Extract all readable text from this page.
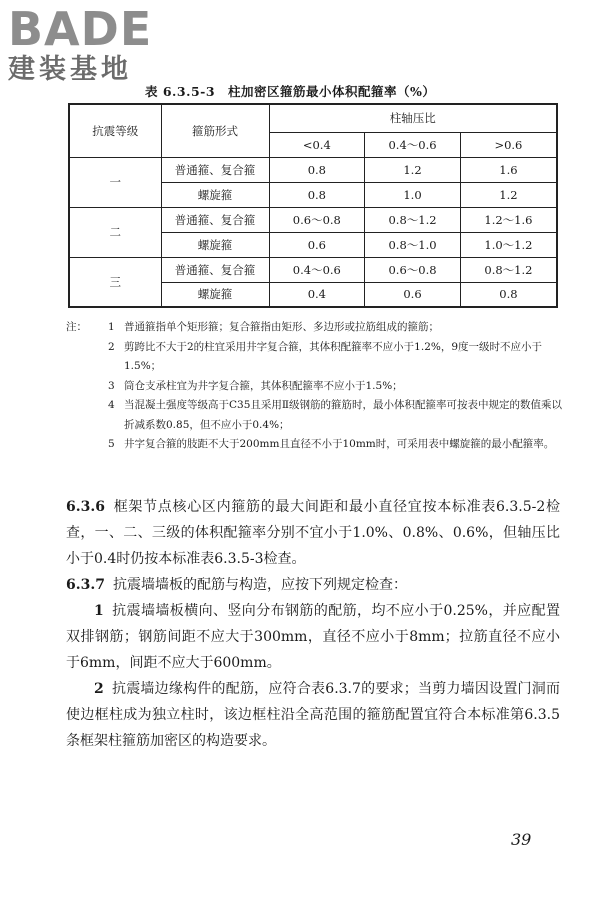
BADE
建装基地
表 6.3.5-3　柱加密区箍筋最小体积配箍率（%）
抗震等级	箍筋形式	柱轴压比		
		<0.4	0.4～0.6	>0.6
一	普通箍、复合箍	0.8	1.2	1.6
	螺旋箍	0.8	1.0	1.2
二	普通箍、复合箍	0.6～0.8	0.8～1.2	1.2～1.6
	螺旋箍	0.6	0.8～1.0	1.0～1.2
三	普通箍、复合箍	0.4～0.6	0.6～0.8	0.8～1.2
	螺旋箍	0.4	0.6	0.8
注：	1 普通箍指单个矩形箍；复合箍指由矩形、多边形或拉筋组成的箍筋；
2 剪跨比不大于2的柱宜采用井字复合箍，其体积配箍率不应小于1.2%，9度一级时不应小于1.5%；
3 筒仓支承柱宜为井字复合箍，其体积配箍率不应小于1.5%；
4 当混凝土强度等级高于C35且采用Ⅱ级钢筋的箍筋时，最小体积配箍率可按表中规定的数值乘以折减系数0.85，但不应小于0.4%；
5 井字复合箍的肢距不大于200mm且直径不小于10mm时，可采用表中螺旋箍的最小配箍率。

6.3.6 框架节点核心区内箍筋的最大间距和最小直径宜按本标准表6.3.5-2检查，一、二、三级的体积配箍率分别不宜小于1.0%、0.8%、0.6%，但轴压比小于0.4时仍按本标准表6.3.5-3检查。

6.3.7 抗震墙墙板的配筋与构造，应按下列规定检查：

1 抗震墙墙板横向、竖向分布钢筋的配筋，均不应小于0.25%，并应配置双排钢筋；钢筋间距不应大于300mm，直径不应小于8mm；拉筋直径不应小于6mm，间距不应大于600mm。

2 抗震墙边缘构件的配筋，应符合表6.3.7的要求；当剪力墙因设置门洞而使边框柱成为独立柱时，该边框柱沿全高范围的箍筋配置宜符合本标准第6.3.5条框架柱箍筋加密区的构造要求。

39
